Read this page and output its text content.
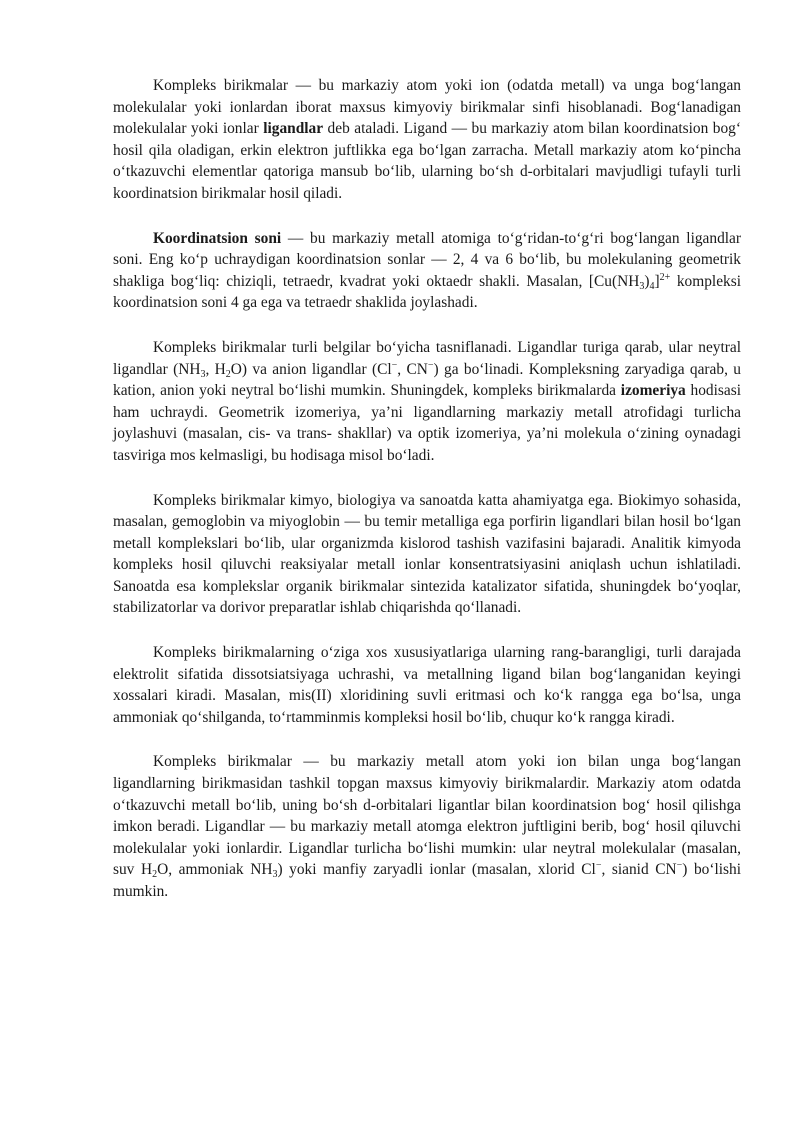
Kompleks birikmalar — bu markaziy atom yoki ion (odatda metall) va unga bog‘langan molekulalar yoki ionlardan iborat maxsus kimyoviy birikmalar sinfi hisoblanadi. Bog‘lanadigan molekulalar yoki ionlar ligandlar deb ataladi. Ligand — bu markaziy atom bilan koordinatsion bog‘ hosil qila oladigan, erkin elektron juftlikka ega bo‘lgan zarracha. Metall markaziy atom ko‘pincha o‘tkazuvchi elementlar qatoriga mansub bo‘lib, ularning bo‘sh d-orbitalari mavjudligi tufayli turli koordinatsion birikmalar hosil qiladi.

Koordinatsion soni — bu markaziy metall atomiga to‘g‘ridan-to‘g‘ri bog‘langan ligandlar soni. Eng ko‘p uchraydigan koordinatsion sonlar — 2, 4 va 6 bo‘lib, bu molekulaning geometrik shakliga bog‘liq: chiziqli, tetraedr, kvadrat yoki oktaedr shakli. Masalan, $[Cu(NH_3)_4]^{2+}$ kompleksi koordinatsion soni 4 ga ega va tetraedr shaklida joylashadi.

Kompleks birikmalar turli belgilar bo‘yicha tasniflanadi. Ligandlar turiga qarab, ular neytral ligandlar ($NH_3$, $H_2O$) va anion ligandlar (Cl−, CN−) ga bo‘linadi. Kompleksning zaryadiga qarab, u kation, anion yoki neytral bo‘lishi mumkin. Shuningdek, kompleks birikmalarda izomeriya hodisasi ham uchraydi. Geometrik izomeriya, ya’ni ligandlarning markaziy metall atrofidagi turlicha joylashuvi (masalan, cis- va trans- shakllar) va optik izomeriya, ya’ni molekula o‘zining oynadagi tasviriga mos kelmasligi, bu hodisaga misol bo‘ladi.

Kompleks birikmalar kimyo, biologiya va sanoatda katta ahamiyatga ega. Biokimyo sohasida, masalan, gemoglobin va miyoglobin — bu temir metalliga ega porfirin ligandlari bilan hosil bo‘lgan metall komplekslari bo‘lib, ular organizmda kislorod tashish vazifasini bajaradi. Analitik kimyoda kompleks hosil qiluvchi reaksiyalar metall ionlar konsentratsiyasini aniqlash uchun ishlatiladi. Sanoatda esa komplekslar organik birikmalar sintezida katalizator sifatida, shuningdek bo‘yoqlar, stabilizatorlar va dorivor preparatlar ishlab chiqarishda qo‘llanadi.

Kompleks birikmalarning o‘ziga xos xususiyatlariga ularning rang-barangligi, turli darajada elektrolit sifatida dissotsiatsiyaga uchrashi, va metallning ligand bilan bog‘langanidan keyingi xossalari kiradi. Masalan, mis(II) xloridining suvli eritmasi och ko‘k rangga ega bo‘lsa, unga ammoniak qo‘shilganda, to‘rtamminmis kompleksi hosil bo‘lib, chuqur ko‘k rangga kiradi.

Kompleks birikmalar — bu markaziy metall atom yoki ion bilan unga bog‘langan ligandlarning birikmasidan tashkil topgan maxsus kimyoviy birikmalardir. Markaziy atom odatda o‘tkazuvchi metall bo‘lib, uning bo‘sh d-orbitalari ligantlar bilan koordinatsion bog‘ hosil qilishga imkon beradi. Ligandlar — bu markaziy metall atomga elektron juftligini berib, bog‘ hosil qiluvchi molekulalar yoki ionlardir. Ligandlar turlicha bo‘lishi mumkin: ular neytral molekulalar (masalan, suv $H_2O$, ammoniak $NH_3$) yoki manfiy zaryadli ionlar (masalan, xlorid Cl−, sianid CN−) bo‘lishi mumkin.
